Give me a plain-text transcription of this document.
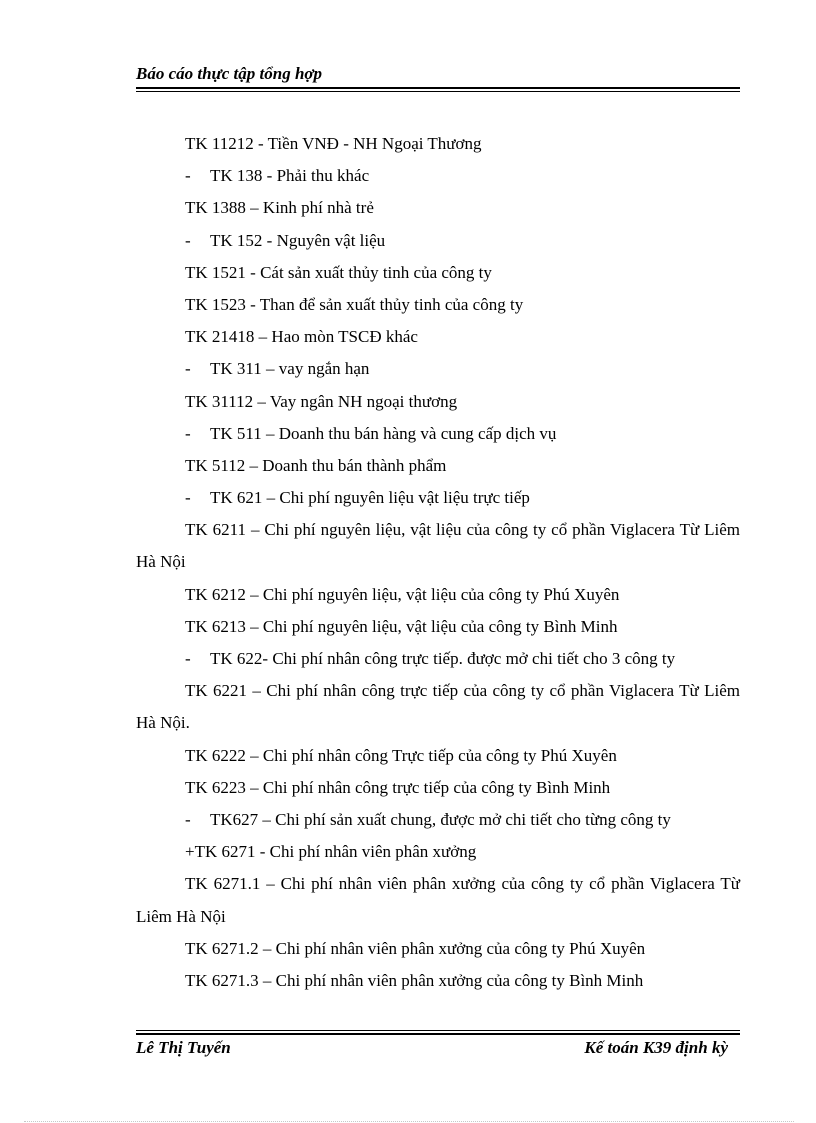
Báo cáo thực tập tổng hợp
TK 11212 - Tiền VNĐ - NH Ngoại Thương
- TK 138 - Phải thu khác
TK 1388 – Kinh phí nhà trẻ
- TK 152 - Nguyên vật liệu
TK 1521 - Cát sản xuất thủy tinh của công ty
TK 1523 - Than để sản xuất thủy tinh của công ty
TK 21418 – Hao mòn TSCĐ khác
- TK 311 – vay ngắn hạn
TK 31112 – Vay ngân NH ngoại thương
- TK 511 – Doanh thu bán hàng và cung cấp dịch vụ
TK 5112 – Doanh thu bán thành phẩm
- TK 621 – Chi phí nguyên liệu vật liệu trực tiếp
TK 6211 – Chi phí nguyên liệu, vật liệu của công ty cổ phần Viglacera Từ Liêm Hà Nội
TK 6212 – Chi phí nguyên liệu, vật liệu của công ty Phú Xuyên
TK 6213 – Chi phí nguyên liệu, vật liệu của công ty Bình Minh
- TK 622- Chi phí nhân công trực tiếp. được mở chi tiết cho 3 công ty
TK 6221 – Chi phí nhân công trực tiếp của công ty cổ phần Viglacera Từ Liêm Hà Nội.
TK 6222 – Chi phí nhân công Trực tiếp của công ty Phú Xuyên
TK 6223 – Chi phí nhân công trực tiếp của công ty Bình Minh
- TK627 – Chi phí sản xuất chung, được mở chi tiết cho từng công ty
+TK 6271 - Chi phí nhân viên phân xưởng
TK 6271.1 – Chi phí nhân viên phân xưởng của công ty cổ phần Viglacera Từ Liêm Hà Nội
TK 6271.2 – Chi phí nhân viên phân xưởng của công ty Phú Xuyên
TK 6271.3 – Chi phí nhân viên phân xưởng của công ty Bình Minh
Lê Thị Tuyến	Kế toán K39 định kỳ
